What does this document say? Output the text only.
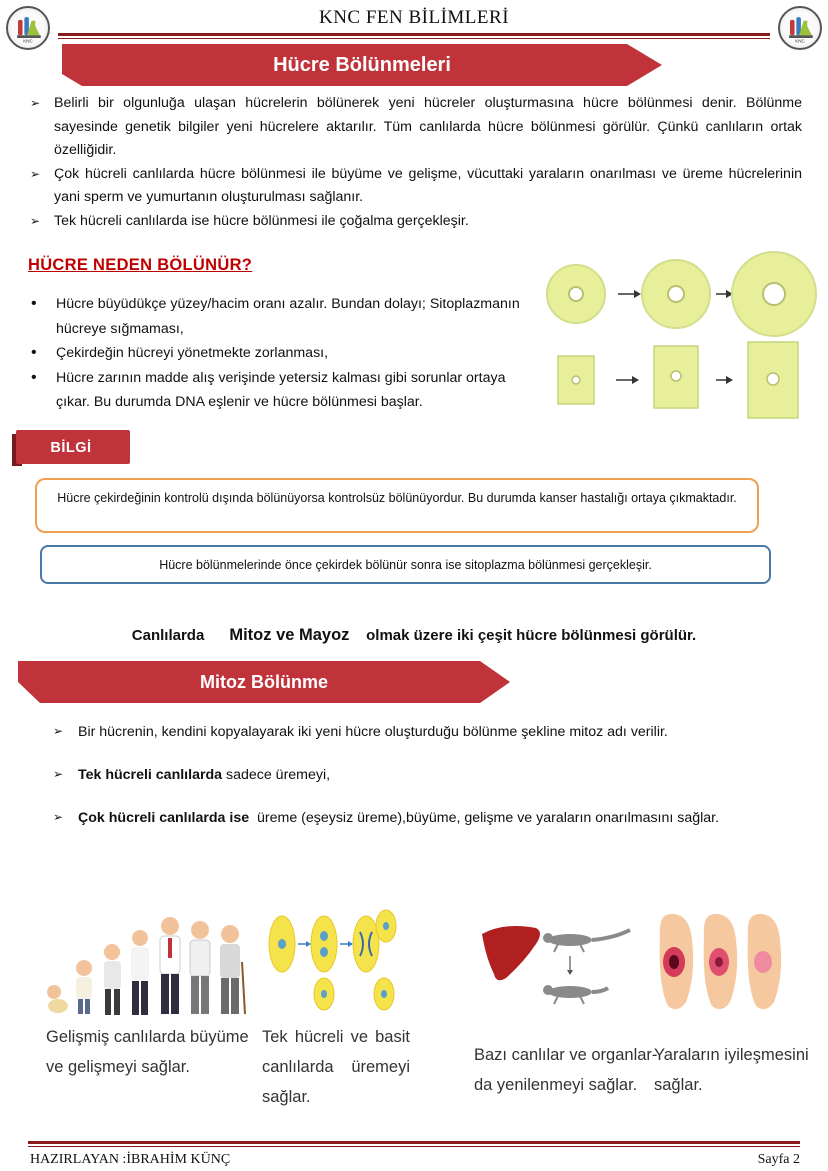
KNC	KNC
KNC FEN BİLİMLERİ
Hücre Bölünmeleri
➢ Belirli bir olgunluğa ulaşan hücrelerin bölünerek yeni hücreler oluşturmasına hücre bölünmesi denir. Bölünme sayesinde genetik bilgiler yeni hücrelere aktarılır. Tüm canlılarda hücre bölünmesi görülür. Çünkü canlıların ortak özelliğidir.
➢ Çok hücreli canlılarda hücre bölünmesi ile büyüme ve gelişme, vücuttaki yaraların onarılması ve üreme hücrelerinin yani sperm ve yumurtanın oluşturulması sağlanır.
➢ Tek hücreli canlılarda ise hücre bölünmesi ile çoğalma gerçekleşir.
HÜCRE NEDEN BÖLÜNÜR?
• Hücre büyüdükçe yüzey/hacim oranı azalır. Bundan dolayı; Sitoplazmanın hücreye sığmaması,
• Çekirdeğin hücreyi yönetmekte zorlanması,
• Hücre zarının madde alış verişinde yetersiz kalması gibi sorunlar ortaya çıkar. Bu durumda DNA eşlenir ve hücre bölünmesi başlar.
BİLGİ
Hücre çekirdeğinin kontrolü dışında bölünüyorsa kontrolsüz bölünüyordur. Bu durumda kanser hastalığı ortaya çıkmaktadır.
Hücre bölünmelerinde önce çekirdek bölünür sonra ise sitoplazma bölünmesi gerçekleşir.
Canlılarda Mitoz ve Mayoz olmak üzere iki çeşit hücre bölünmesi görülür.
Mitoz Bölünme
➢ Bir hücrenin, kendini kopyalayarak iki yeni hücre oluşturduğu bölünme şekline mitoz adı verilir.
➢ Tek hücreli canlılarda sadece üremeyi,
➢ Çok hücreli canlılarda ise  üreme (eşeysiz üreme),büyüme, gelişme ve yaraların onarılmasını sağlar.
Gelişmiş canlılarda büyüme
ve gelişmeyi sağlar.
Tek hücreli ve basit
canlılarda üremeyi
sağlar.
Bazı canlılar ve organlar-
da yenilenmeyi sağlar.
Yaraların iyileşmesini
sağlar.
HAZIRLAYAN :İBRAHİM KÜNÇ	Sayfa 2
